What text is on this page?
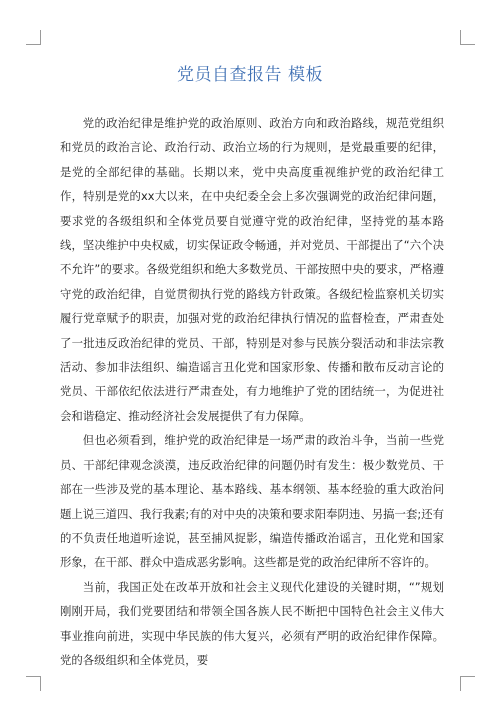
党员自查报告 模板

党的政治纪律是维护党的政治原则、政治方向和政治路线，规范党组织和党员的政治言论、政治行动、政治立场的行为规则，是党最重要的纪律，是党的全部纪律的基础。长期以来，党中央高度重视维护党的政治纪律工作，特别是党的xx大以来，在中央纪委全会上多次强调党的政治纪律问题，要求党的各级组织和全体党员要自觉遵守党的政治纪律，坚持党的基本路线，坚决维护中央权威，切实保证政令畅通，并对党员、干部提出了“六个决不允许”的要求。各级党组织和绝大多数党员、干部按照中央的要求，严格遵守党的政治纪律，自觉贯彻执行党的路线方针政策。各级纪检监察机关切实履行党章赋予的职责，加强对党的政治纪律执行情况的监督检查，严肃查处了一批违反政治纪律的党员、干部，特别是对参与民族分裂活动和非法宗教活动、参加非法组织、编造谣言丑化党和国家形象、传播和散布反动言论的党员、干部依纪依法进行严肃查处，有力地维护了党的团结统一，为促进社会和谐稳定、推动经济社会发展提供了有力保障。

但也必须看到，维护党的政治纪律是一场严肃的政治斗争，当前一些党员、干部纪律观念淡漠，违反政治纪律的问题仍时有发生：极少数党员、干部在一些涉及党的基本理论、基本路线、基本纲领、基本经验的重大政治问题上说三道四、我行我素;有的对中央的决策和要求阳奉阴违、另搞一套;还有的不负责任地道听途说，甚至捕风捉影，编造传播政治谣言，丑化党和国家形象，在干部、群众中造成恶劣影响。这些都是党的政治纪律所不容许的。

当前，我国正处在改革开放和社会主义现代化建设的关键时期，“”规划刚刚开局，我们党要团结和带领全国各族人民不断把中国特色社会主义伟大事业推向前进，实现中华民族的伟大复兴，必须有严明的政治纪律作保障。党的各级组织和全体党员，要
